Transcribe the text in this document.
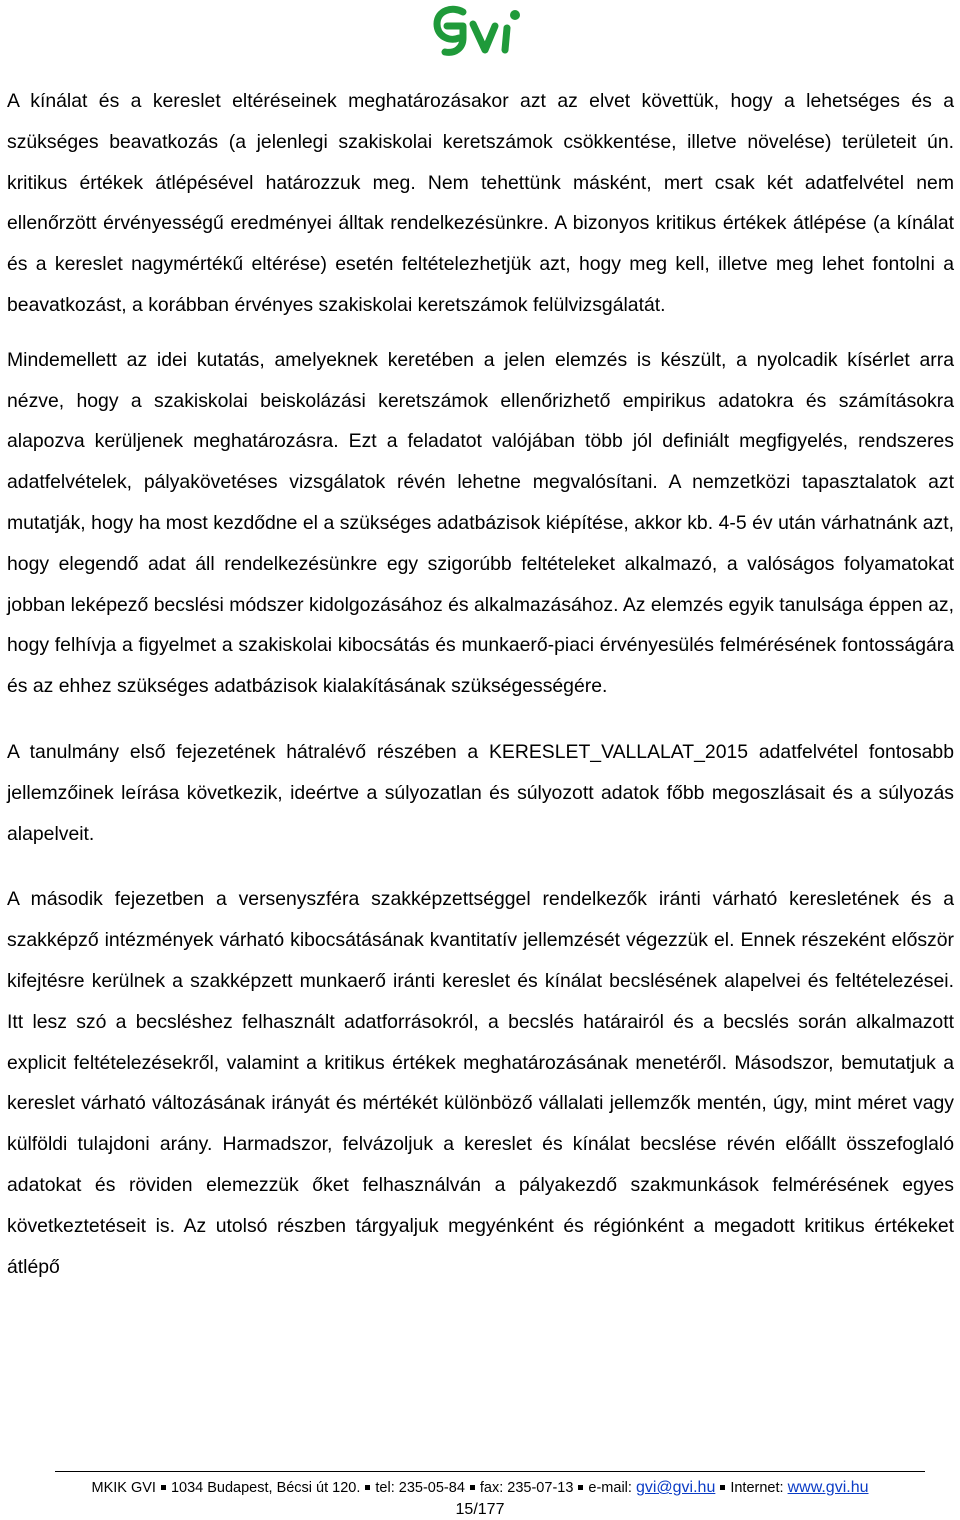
A kínálat és a kereslet eltéréseinek meghatározásakor azt az elvet követtük, hogy a lehetséges és a szükséges beavatkozás (a jelenlegi szakiskolai keretszámok csökkentése, illetve növelése) területeit ún. kritikus értékek átlépésével határozzuk meg. Nem tehettünk másként, mert csak két adatfelvétel nem ellenőrzött érvényességű eredményei álltak rendelkezésünkre. A bizonyos kritikus értékek átlépése (a kínálat és a kereslet nagymértékű eltérése) esetén feltételezhetjük azt, hogy meg kell, illetve meg lehet fontolni a beavatkozást, a korábban érvényes szakiskolai keretszámok felülvizsgálatát.

Mindemellett az idei kutatás, amelyeknek keretében a jelen elemzés is készült, a nyolcadik kísérlet arra nézve, hogy a szakiskolai beiskolázási keretszámok ellenőrizhető empirikus adatokra és számításokra alapozva kerüljenek meghatározásra. Ezt a feladatot valójában több jól definiált megfigyelés, rendszeres adatfelvételek, pályakövetéses vizsgálatok révén lehetne megvalósítani. A nemzetközi tapasztalatok azt mutatják, hogy ha most kezdődne el a szükséges adatbázisok kiépítése, akkor kb. 4-5 év után várhatnánk azt, hogy elegendő adat áll rendelkezésünkre egy szigorúbb feltételeket alkalmazó, a valóságos folyamatokat jobban leképező becslési módszer kidolgozásához és alkalmazásához. Az elemzés egyik tanulsága éppen az, hogy felhívja a figyelmet a szakiskolai kibocsátás és munkaerő-piaci érvényesülés felmérésének fontosságára és az ehhez szükséges adatbázisok kialakításának szükségességére.

A tanulmány első fejezetének hátralévő részében a KERESLET_VALLALAT_2015 adatfelvétel fontosabb jellemzőinek leírása következik, ideértve a súlyozatlan és súlyozott adatok főbb megoszlásait és a súlyozás alapelveit.

A második fejezetben a versenyszféra szakképzettséggel rendelkezők iránti várható keresletének és a szakképző intézmények várható kibocsátásának kvantitatív jellemzését végezzük el. Ennek részeként először kifejtésre kerülnek a szakképzett munkaerő iránti kereslet és kínálat becslésének alapelvei és feltételezései. Itt lesz szó a becsléshez felhasznált adatforrásokról, a becslés határairól és a becslés során alkalmazott explicit feltételezésekről, valamint a kritikus értékek meghatározásának menetéről. Másodszor, bemutatjuk a kereslet várható változásának irányát és mértékét különböző vállalati jellemzők mentén, úgy, mint méret vagy külföldi tulajdoni arány. Harmadszor, felvázoljuk a kereslet és kínálat becslése révén előállt összefoglaló adatokat és röviden elemezzük őket felhasználván a pályakezdő szakmunkások felmérésének egyes következtetéseit is. Az utolsó részben tárgyaljuk megyénként és régiónként a megadott kritikus értékeket átlépő

MKIK GVI 1034 Budapest, Bécsi út 120. tel: 235-05-84 fax: 235-07-13 e-mail: gvi@gvi.hu Internet: www.gvi.hu
15/177
